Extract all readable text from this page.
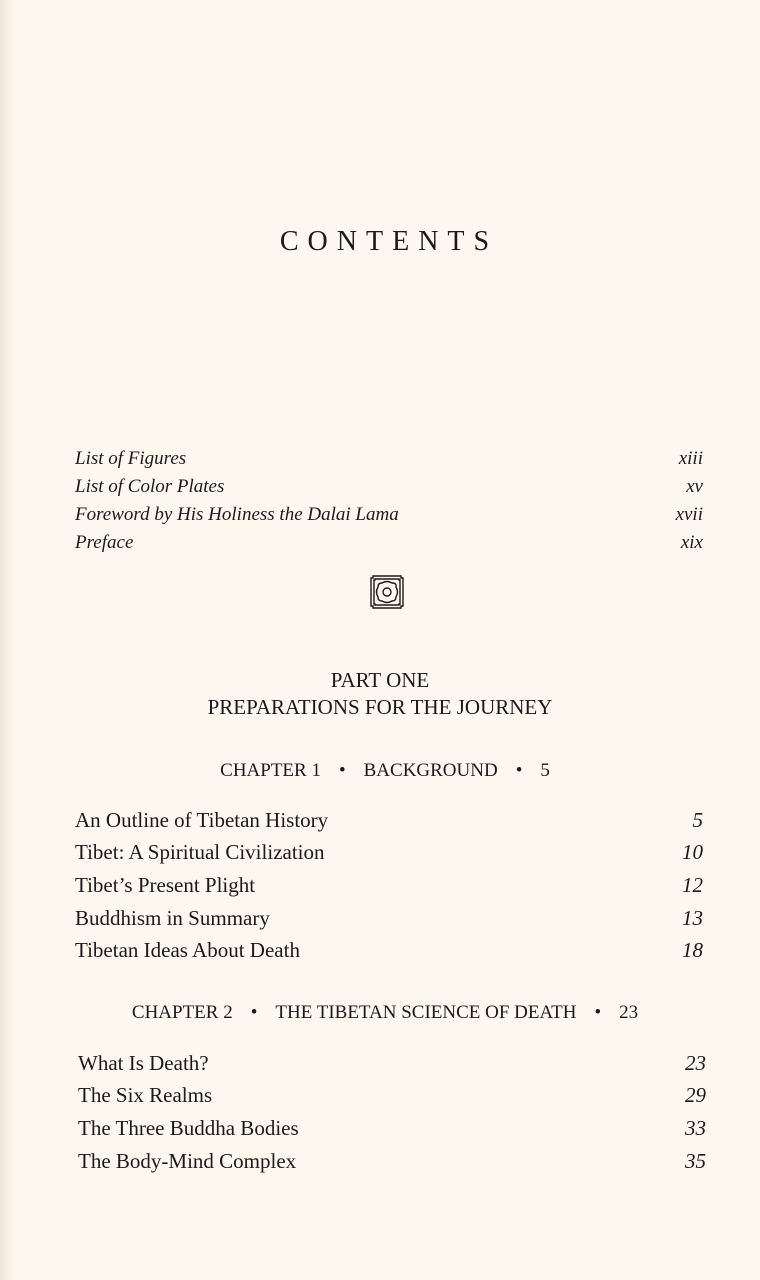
CONTENTS
List of Figures	xiii
List of Color Plates	xv
Foreword by His Holiness the Dalai Lama	xvii
Preface	xix
PART ONE
PREPARATIONS FOR THE JOURNEY
CHAPTER 1 • BACKGROUND • 5
An Outline of Tibetan History	5
Tibet: A Spiritual Civilization	10
Tibet’s Present Plight	12
Buddhism in Summary	13
Tibetan Ideas About Death	18
CHAPTER 2 • THE TIBETAN SCIENCE OF DEATH • 23
What Is Death?	23
The Six Realms	29
The Three Buddha Bodies	33
The Body-Mind Complex	35
